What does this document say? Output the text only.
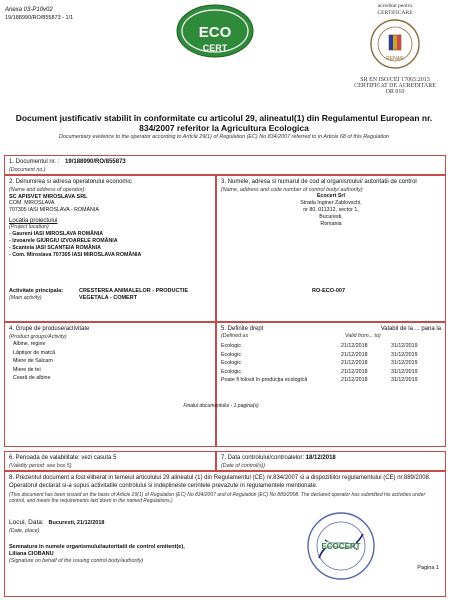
Anexa 03-P10v02
19/188990/RO/855873 - 1/1
ECO
CERT
acreditat pentru
CERTIFICARE
RENAR
SR EN ISO/CEI 17065:2013
CERTIFICAT DE ACREDITARE
OR 010
Document justificativ stabilit în conformitate cu articolul 29, alineatul(1) din Regulamentul European nr. 834/2007 referitor la Agricultura Ecologica
Documentary evidence to the operator according to Article 29(1) of Regulation (EC) No 834/2007 referred to in Article 68 of this Regulation
1. Documentul nr. : 19/188990/RO/855873
(Document no.)
2. Denumirea si adresa operatorului economic
(Name and address of operator):
SC APISVET MIROSLAVA SRL
COM. MIROSLAVA
707305 IASI MIROSLAVA - ROMÂNIA
Locatia proiectului
(Project location)
- Gaureni IASI MIROSLAVA ROMÂNIA
- Izvoarele GIURGIU IZVOARELE ROMÂNIA
- Scanteia IASI SCANTEIA ROMÂNIA
- Com. Miroslava 707305 IASI MIROSLAVA ROMÂNIA
Activitate principala:	CRESTEREA ANIMALELOR - PRODUCTIE VEGETALA - COMERT
(Main activity)
3. Numele, adresa si numarul de cod al organismului/ autoritatii de control
(Name, address and code number of control body/ authority)
Ecocert Srl
Strada Inginer Zablovschi,
nr 80, 011312, sector 1,
Bucuresti,
Romania
RO-ECO-007
4. Grupe de produse/activitate
(Product groups/Activity)
Albine, regine
Lăptişor de matcă
Miere de Salcam
Miere de tei
Ceară de albine
5. Definite drept	Valabil de la ... pana la
(Defined as	Valid from... to)
Ecologic	21/12/2018	31/12/2019
Ecologic	21/12/2018	31/12/2019
Ecologic	21/12/2018	31/12/2019
Ecologic	21/12/2018	31/12/2019
Poate fi folosit în producţia ecologică	21/12/2018	31/12/2019
Finalul documentului - 1 pagina(s)
6. Perioada de valabilitate: vezi casuta 5
(Validity period: see box 5)
7. Data controlului/controalelor: 18/12/2018
(Date of control(s))
8. Prezentul document a fost eliberat in temeiul articolului 29 alineatul (1) din Regulamentul (CE) nr.834/2007 si a dispozitiilor regulamentului (CE) nr.889/2008. Operatorul declarat si-a supus activitatile controlului si indeplineste cerintele prevazute in regulamentele mentionate.
(This document has been issued on the basis of Article 29(1) of Regulation (EC) No 834/2007 and of Regulation (EC) No 889/2008. The declared operator has submitted his activities under control, and meets the requirements laid down in the named Regulations.)
Locul, Data: Bucuresti, 21/12/2018
(Date, place)
Semnatura in numele organismului/autoritatii de control emitent(e),
Liliana CIOBANU
(Signature on behalf of the issuing control body/authority)
ECOCERT
Pagina 1
